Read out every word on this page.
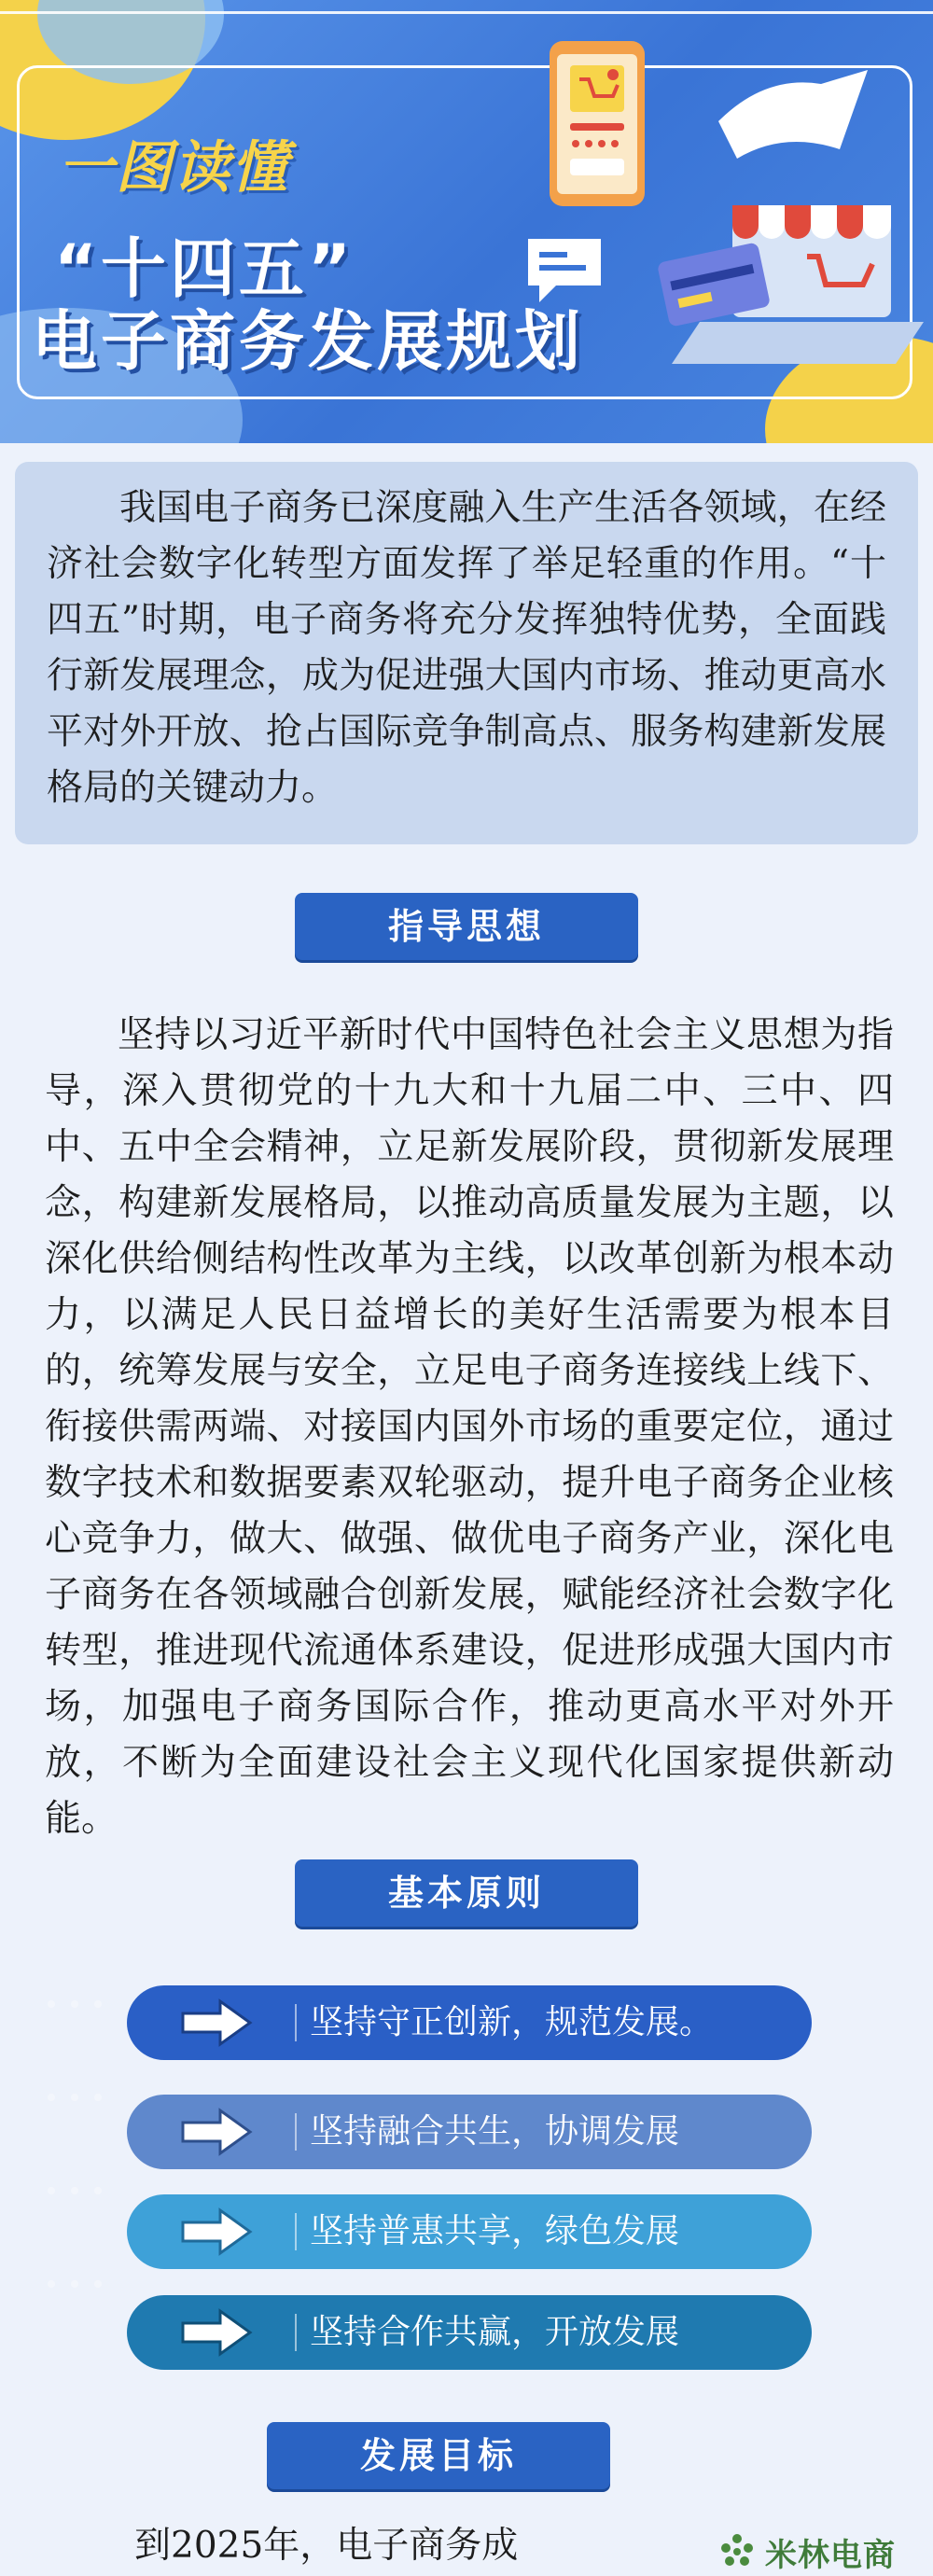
一图读懂
“十四五”
电子商务发展规划

我国电子商务已深度融入生产生活各领域，在经济社会数字化转型方面发挥了举足轻重的作用。“十四五”时期，电子商务将充分发挥独特优势，全面践行新发展理念，成为促进强大国内市场、推动更高水平对外开放、抢占国际竞争制高点、服务构建新发展格局的关键动力。

指导思想

坚持以习近平新时代中国特色社会主义思想为指导，深入贯彻党的十九大和十九届二中、三中、四中、五中全会精神，立足新发展阶段，贯彻新发展理念，构建新发展格局，以推动高质量发展为主题，以深化供给侧结构性改革为主线，以改革创新为根本动力，以满足人民日益增长的美好生活需要为根本目的，统筹发展与安全，立足电子商务连接线上线下、衔接供需两端、对接国内国外市场的重要定位，通过数字技术和数据要素双轮驱动，提升电子商务企业核心竞争力，做大、做强、做优电子商务产业，深化电子商务在各领域融合创新发展，赋能经济社会数字化转型，推进现代流通体系建设，促进形成强大国内市场，加强电子商务国际合作，推动更高水平对外开放，不断为全面建设社会主义现代化国家提供新动能。

基本原则
坚持守正创新，规范发展。
坚持融合共生，协调发展
坚持普惠共享，绿色发展
坚持合作共赢，开放发展
发展目标
到2025年，电子商务成	米林电商
